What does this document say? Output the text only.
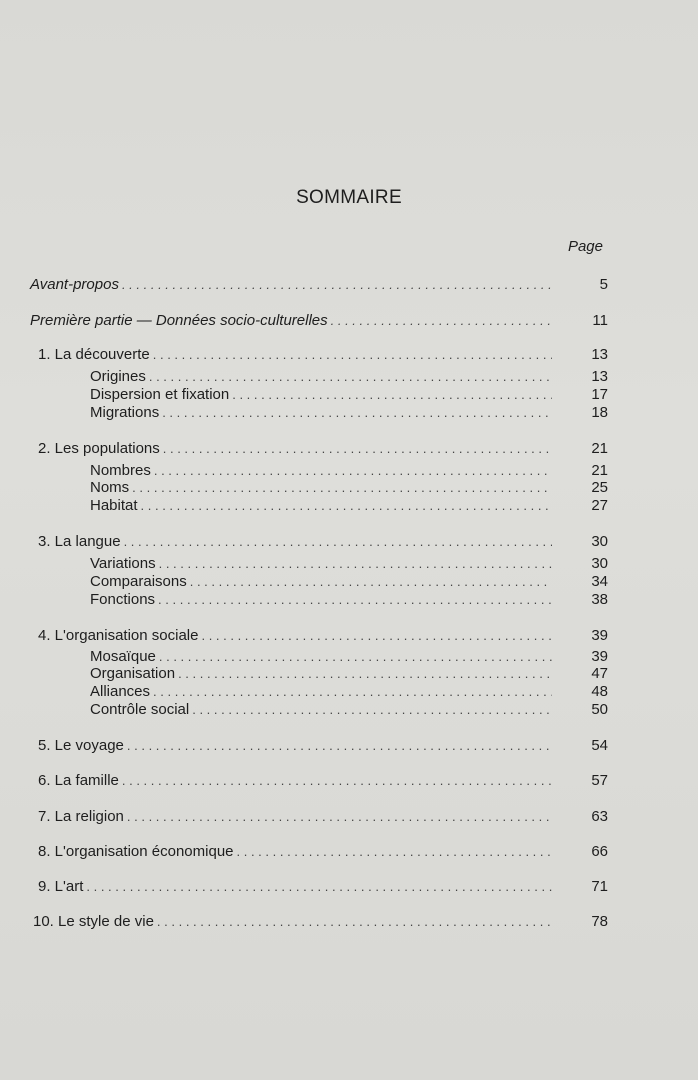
SOMMAIRE
Page
Avant-propos . . .	5
Première partie — Données socio-culturelles . . .	11
1. La découverte . . .	13
Origines . . .	13
Dispersion et fixation . . .	17
Migrations . . .	18
2. Les populations . . .	21
Nombres . . .	21
Noms . . .	25
Habitat . . .	27
3. La langue . . .	30
Variations . . .	30
Comparaisons . . .	34
Fonctions . . .	38
4. L'organisation sociale . . .	39
Mosaïque . . .	39
Organisation . . .	47
Alliances . . .	48
Contrôle social . . .	50
5. Le voyage . . .	54
6. La famille . . .	57
7. La religion . . .	63
8. L'organisation économique . . .	66
9. L'art . . .	71
10. Le style de vie . . .	78
